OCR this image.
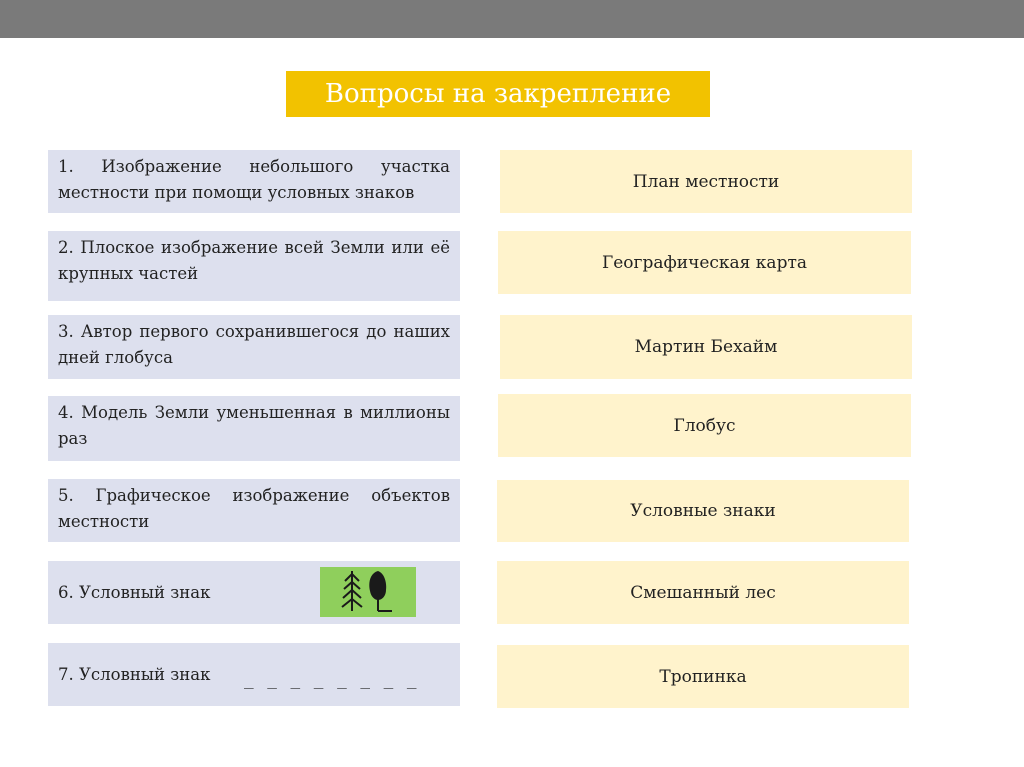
Вопросы на закрепление
1. Изображение небольшого участка местности при помощи условных знаков
2. Плоское изображение всей Земли или её крупных частей
3. Автор первого сохранившегося до наших дней глобуса
4. Модель Земли уменьшенная в миллионы раз
5. Графическое изображение объектов местности
6. Условный знак
7. Условный знак _ _ _ _ _ _ _ _
План местности
Географическая карта
Мартин Бехайм
Глобус
Условные знаки
Смешанный лес
Тропинка
